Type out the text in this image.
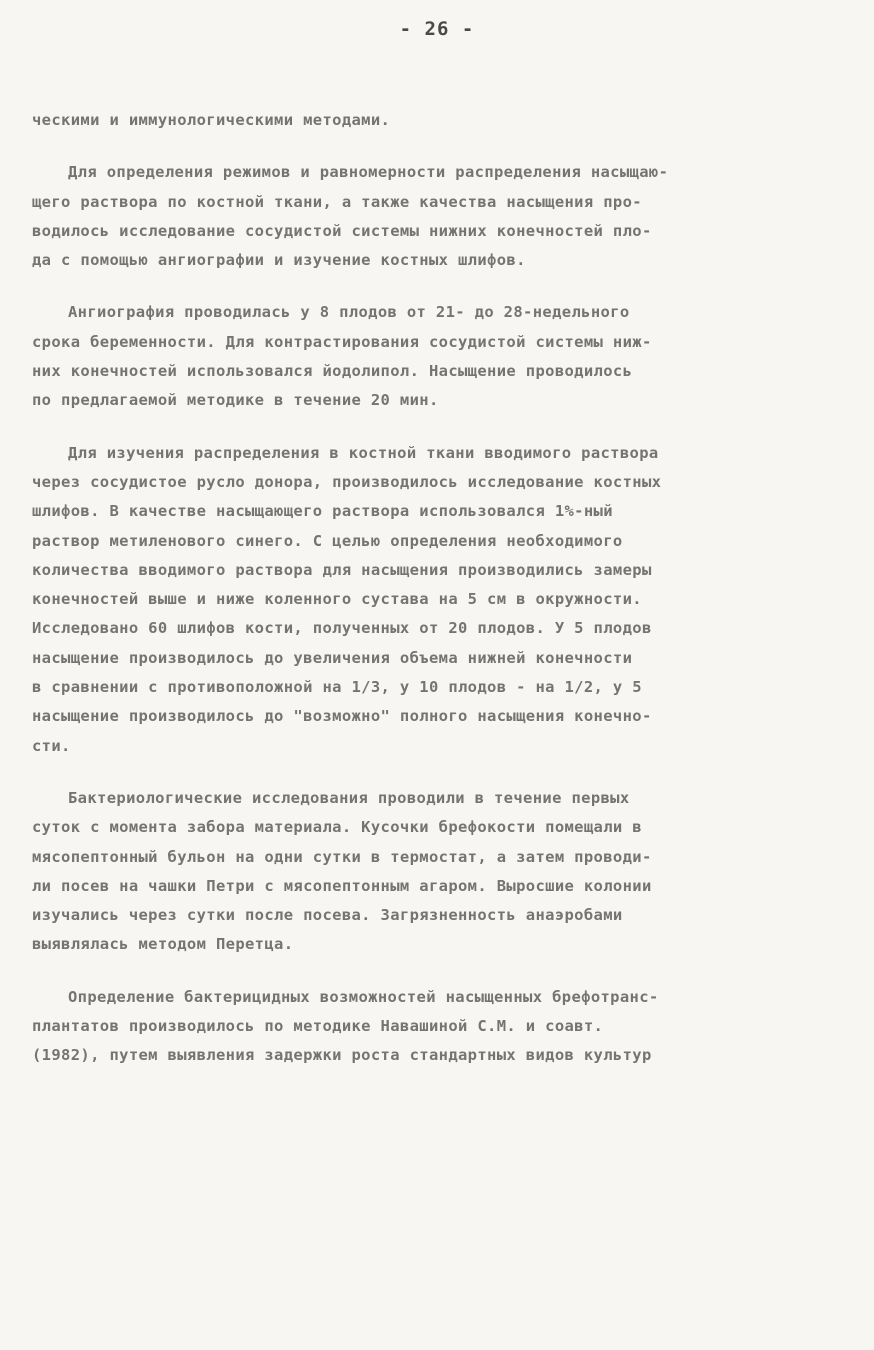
- 26 -
ческими и иммунологическими методами.
Для определения режимов и равномерности распределения насыщаю-
щего раствора по костной ткани, а также качества насыщения про-
водилось исследование сосудистой системы нижних конечностей пло-
да с помощью ангиографии и изучение костных шлифов.
Ангиография проводилась у 8 плодов от 21- до 28-недельного
срока беременности. Для контрастирования сосудистой системы ниж-
них конечностей использовался йодолипол. Насыщение проводилось
по предлагаемой методике в течение 20 мин.
Для изучения распределения в костной ткани вводимого раствора
через сосудистое русло донора, производилось исследование костных
шлифов. В качестве насыщающего раствора использовался 1%-ный
раствор метиленового синего. С целью определения необходимого
количества вводимого раствора для насыщения производились замеры
конечностей выше и ниже коленного сустава на 5 см в окружности.
Исследовано 60 шлифов кости, полученных от 20 плодов. У 5 плодов
насыщение производилось до увеличения объема нижней конечности
в сравнении с противоположной на 1/3, у 10 плодов - на 1/2, у 5
насыщение производилось до "возможно" полного насыщения конечно-
сти.
Бактериологические исследования проводили в течение первых
суток с момента забора материала. Кусочки брефокости помещали в
мясопептонный бульон на одни сутки в термостат, а затем проводи-
ли посев на чашки Петри с мясопептонным агаром. Выросшие колонии
изучались через сутки после посева. Загрязненность анаэробами
выявлялась методом Перетца.
Определение бактерицидных возможностей насыщенных брефотранс-
плантатов производилось по методике Навашиной С.М. и соавт.
(1982), путем выявления задержки роста стандартных видов культур
